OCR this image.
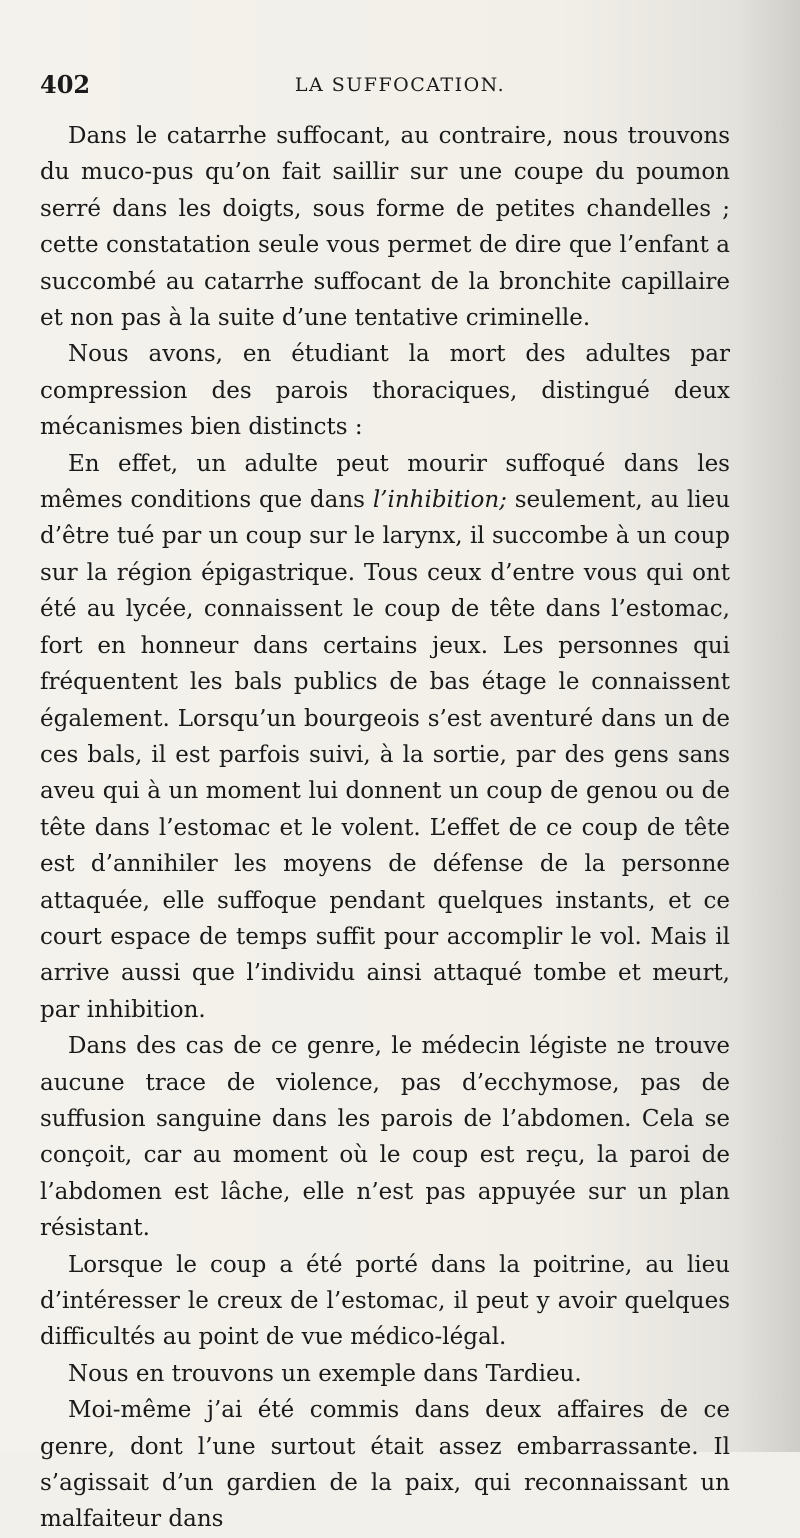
402	LA SUFFOCATION.

Dans le catarrhe suffocant, au contraire, nous trouvons du muco-pus qu’on fait saillir sur une coupe du poumon serré dans les doigts, sous forme de petites chandelles ; cette constatation seule vous permet de dire que l’enfant a succombé au catarrhe suffocant de la bronchite capillaire et non pas à la suite d’une tentative criminelle.

Nous avons, en étudiant la mort des adultes par compression des parois thoraciques, distingué deux mécanismes bien distincts :

En effet, un adulte peut mourir suffoqué dans les mêmes conditions que dans l’inhibition; seulement, au lieu d’être tué par un coup sur le larynx, il succombe à un coup sur la région épigastrique. Tous ceux d’entre vous qui ont été au lycée, connaissent le coup de tête dans l’estomac, fort en honneur dans certains jeux. Les personnes qui fréquentent les bals publics de bas étage le connaissent également. Lorsqu’un bourgeois s’est aventuré dans un de ces bals, il est parfois suivi, à la sortie, par des gens sans aveu qui à un moment lui donnent un coup de genou ou de tête dans l’estomac et le volent. L’effet de ce coup de tête est d’annihiler les moyens de défense de la personne attaquée, elle suffoque pendant quelques instants, et ce court espace de temps suffit pour accomplir le vol. Mais il arrive aussi que l’individu ainsi attaqué tombe et meurt, par inhibition.

Dans des cas de ce genre, le médecin légiste ne trouve aucune trace de violence, pas d’ecchymose, pas de suffusion sanguine dans les parois de l’abdomen. Cela se conçoit, car au moment où le coup est reçu, la paroi de l’abdomen est lâche, elle n’est pas appuyée sur un plan résistant.

Lorsque le coup a été porté dans la poitrine, au lieu d’intéresser le creux de l’estomac, il peut y avoir quelques difficultés au point de vue médico-légal.

Nous en trouvons un exemple dans Tardieu.

Moi-même j’ai été commis dans deux affaires de ce genre, dont l’une surtout était assez embarrassante. Il s’agissait d’un gardien de la paix, qui reconnaissant un malfaiteur dans
